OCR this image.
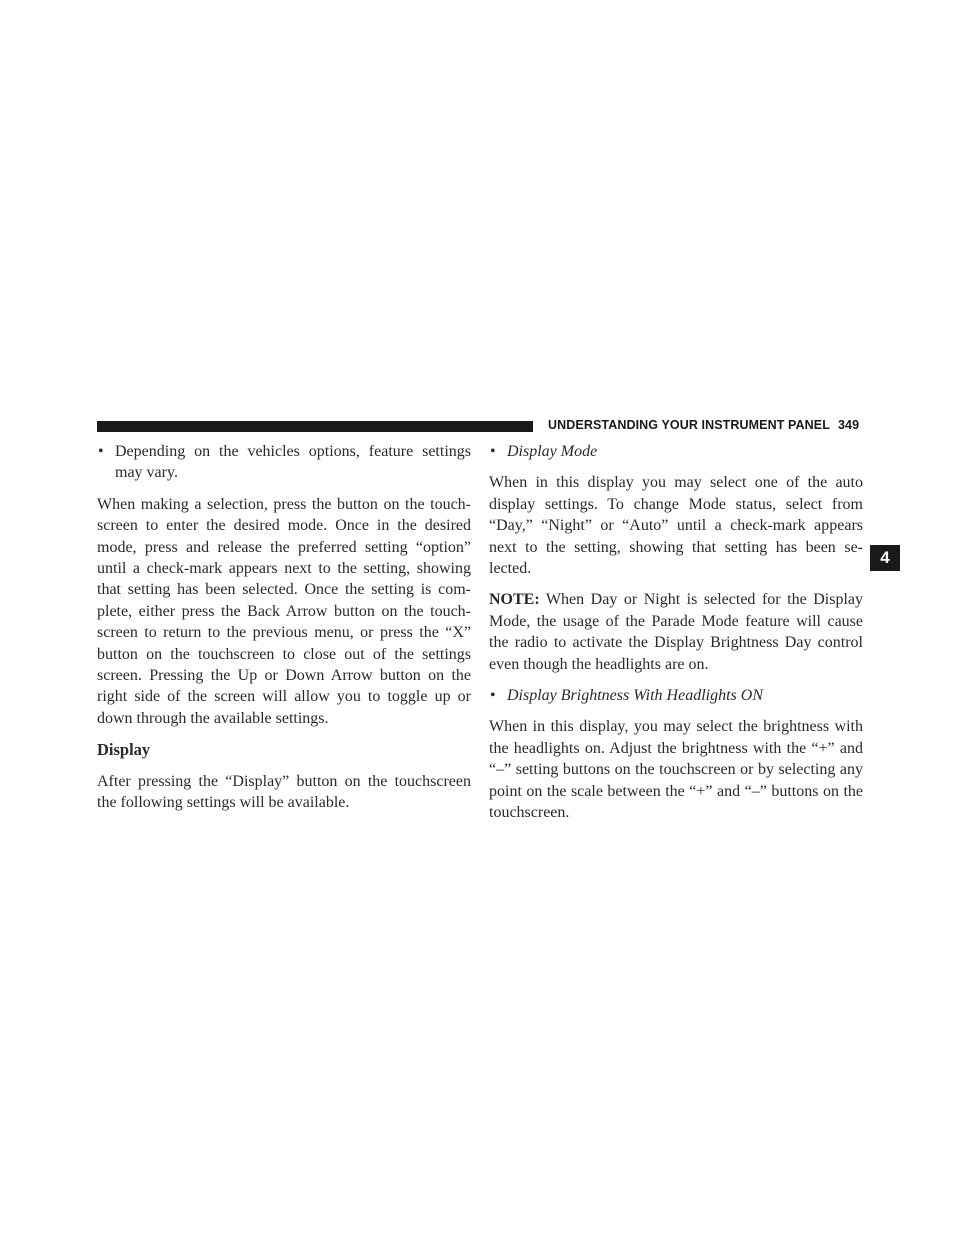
UNDERSTANDING YOUR INSTRUMENT PANEL 349
4
• Depending on the vehicles options, feature settings may vary.

When making a selection, press the button on the touch-screen to enter the desired mode. Once in the desired mode, press and release the preferred setting “option” until a check-mark appears next to the setting, showing that setting has been selected. Once the setting is com-plete, either press the Back Arrow button on the touch-screen to return to the previous menu, or press the “X” button on the touchscreen to close out of the settings screen. Pressing the Up or Down Arrow button on the right side of the screen will allow you to toggle up or down through the available settings.

Display

After pressing the “Display” button on the touchscreen the following settings will be available.

• Display Mode

When in this display you may select one of the auto display settings. To change Mode status, select from “Day,” “Night” or “Auto” until a check-mark appears next to the setting, showing that setting has been se-lected.

NOTE: When Day or Night is selected for the Display Mode, the usage of the Parade Mode feature will cause the radio to activate the Display Brightness Day control even though the headlights are on.

• Display Brightness With Headlights ON

When in this display, you may select the brightness with the headlights on. Adjust the brightness with the “+” and “–” setting buttons on the touchscreen or by selecting any point on the scale between the “+” and “–” buttons on the touchscreen.
